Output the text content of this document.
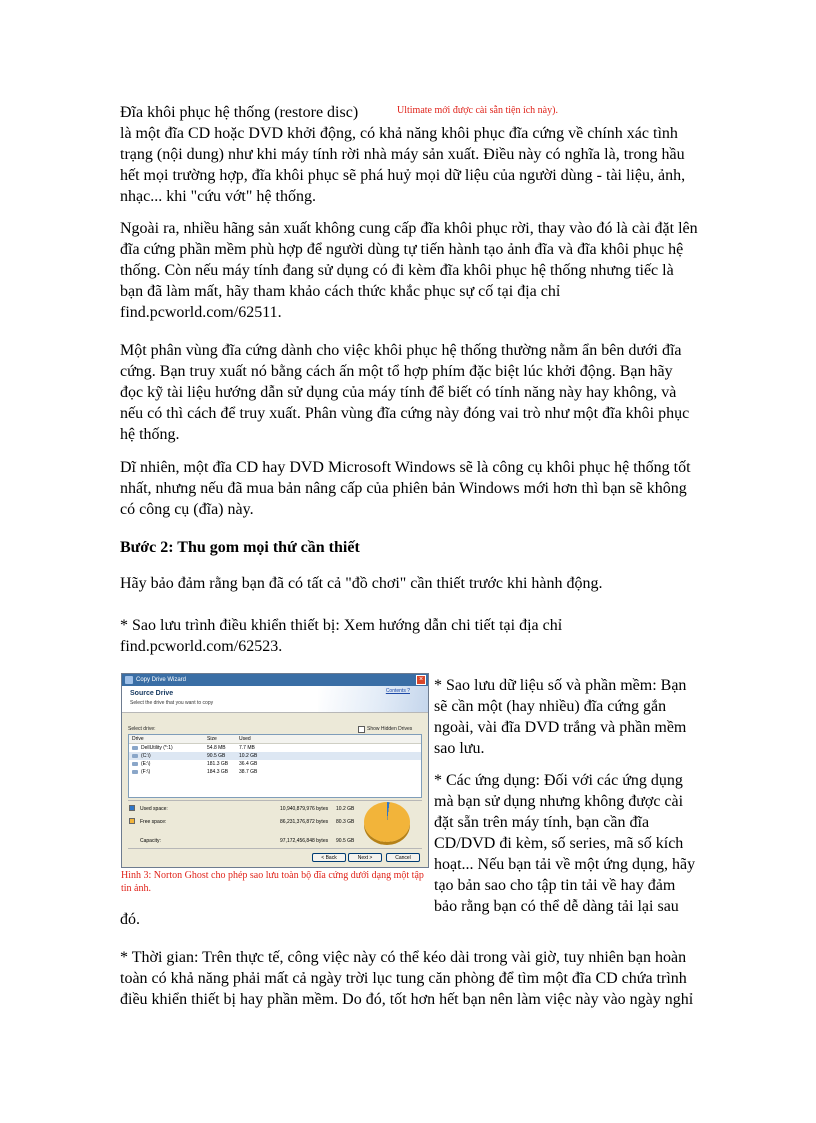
Đĩa khôi phục hệ thống (restore disc)	Ultimate mới được cài sẵn tiện ích này).

là một đĩa CD hoặc DVD khởi động, có khả năng khôi phục đĩa cứng về chính xác tình trạng (nội dung) như khi máy tính rời nhà máy sản xuất. Điều này có nghĩa là, trong hầu hết mọi trường hợp, đĩa khôi phục sẽ phá huỷ mọi dữ liệu của người dùng - tài liệu, ảnh, nhạc... khi "cứu vớt" hệ thống.

Ngoài ra, nhiều hãng sản xuất không cung cấp đĩa khôi phục rời, thay vào đó là cài đặt lên đĩa cứng phần mềm phù hợp để người dùng tự tiến hành tạo ảnh đĩa và đĩa khôi phục hệ thống. Còn nếu máy tính đang sử dụng có đi kèm đĩa khôi phục hệ thống nhưng tiếc là bạn đã làm mất, hãy tham khảo cách thức khắc phục sự cố tại địa chỉ find.pcworld.com/62511.

Một phân vùng đĩa cứng dành cho việc khôi phục hệ thống thường nằm ẩn bên dưới đĩa cứng. Bạn truy xuất nó bằng cách ấn một tổ hợp phím đặc biệt lúc khởi động. Bạn hãy đọc kỹ tài liệu hướng dẫn sử dụng của máy tính để biết có tính năng này hay không, và nếu có thì cách để truy xuất. Phân vùng đĩa cứng này đóng vai trò như một đĩa khôi phục hệ thống.

Dĩ nhiên, một đĩa CD hay DVD Microsoft Windows sẽ là công cụ khôi phục hệ thống tốt nhất, nhưng nếu đã mua bản nâng cấp của phiên bản Windows mới hơn thì bạn sẽ không có công cụ (đĩa) này.

Bước 2: Thu gom mọi thứ cần thiết

Hãy bảo đảm rằng bạn đã có tất cả "đồ chơi" cần thiết trước khi hành động.

* Sao lưu trình điều khiển thiết bị: Xem hướng dẫn chi tiết tại địa chỉ find.pcworld.com/62523.

Copy Drive Wizard	×
Source Drive
Select the drive that you want to copy
Contents ?
Select drive:	Show Hidden Drives
Drive	Size	Used
DellUtility (*:1)	54.8 MB	7.7 MB
(C:\)	90.5 GB	10.2 GB
(E:\)	181.3 GB 36.4 GB
(F:\)	184.3 GB 38.7 GB
Used space:	10,940,879,976 bytes 10.2 GB
Free space:	86,231,376,872 bytes 80.3 GB
Capacity:	97,172,456,848 bytes 90.5 GB
< Back	Next >	Cancel

Hình 3: Norton Ghost cho phép sao lưu toàn bộ đĩa cứng dưới dạng một tập tin ảnh.

* Sao lưu dữ liệu số và phần mềm: Bạn sẽ cần một (hay nhiều) đĩa cứng gắn ngoài, vài đĩa DVD trắng và phần mềm sao lưu.

* Các ứng dụng: Đối với các ứng dụng mà bạn sử dụng nhưng không được cài đặt sẵn trên máy tính, bạn cần đĩa CD/DVD đi kèm, số series, mã số kích hoạt... Nếu bạn tải về một ứng dụng, hãy tạo bản sao cho tập tin tải về hay đảm bảo rằng bạn có thể dễ dàng tải lại sau

đó.

* Thời gian: Trên thực tế, công việc này có thể kéo dài trong vài giờ, tuy nhiên bạn hoàn toàn có khả năng phải mất cả ngày trời lục tung căn phòng để tìm một đĩa CD chứa trình điều khiển thiết bị hay phần mềm. Do đó, tốt hơn hết bạn nên làm việc này vào ngày nghỉ
